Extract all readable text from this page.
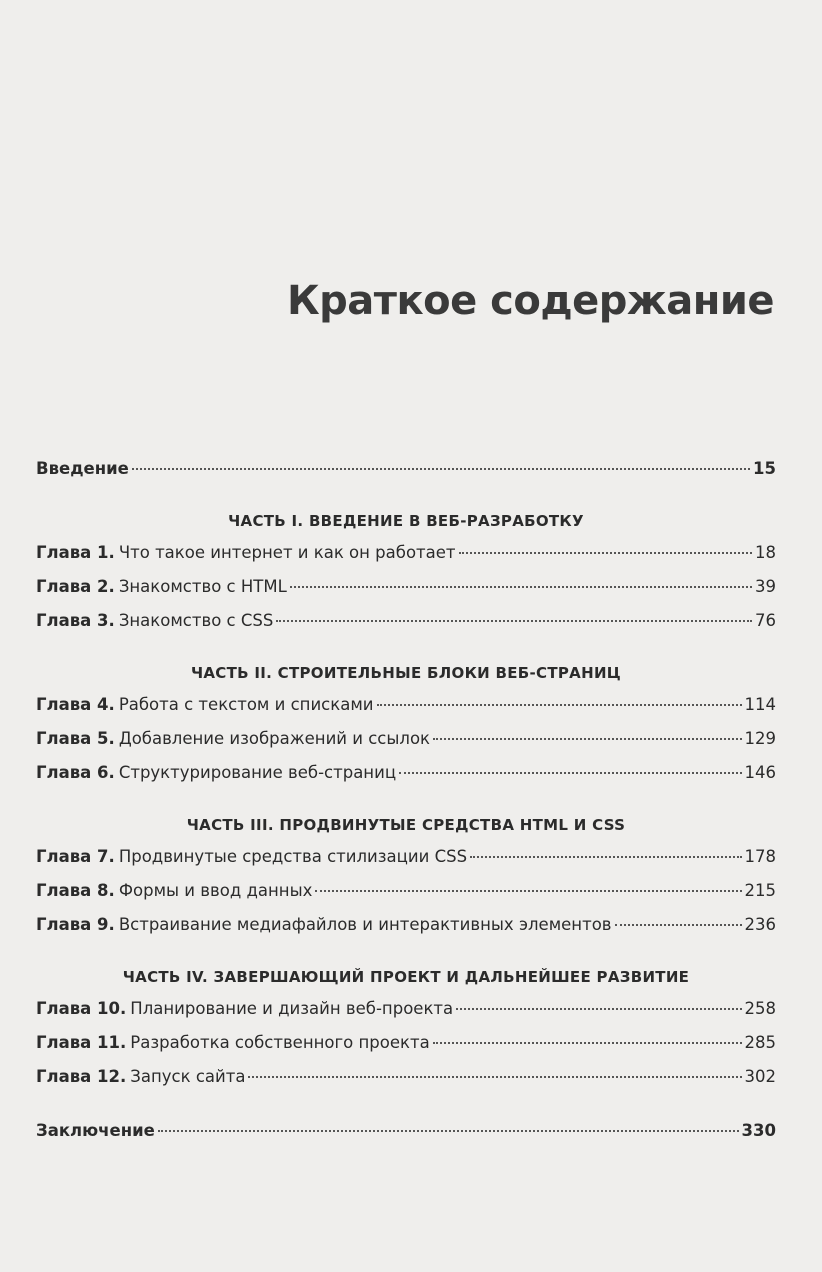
Краткое содержание
Введение	15
ЧАСТЬ I. ВВЕДЕНИЕ В ВЕБ-РАЗРАБОТКУ
Глава 1. Что такое интернет и как он работает	18
Глава 2. Знакомство с HTML	39
Глава 3. Знакомство с CSS	76
ЧАСТЬ II. СТРОИТЕЛЬНЫЕ БЛОКИ ВЕБ-СТРАНИЦ
Глава 4. Работа с текстом и списками	114
Глава 5. Добавление изображений и ссылок	129
Глава 6. Структурирование веб-страниц	146
ЧАСТЬ III. ПРОДВИНУТЫЕ СРЕДСТВА HTML И CSS
Глава 7. Продвинутые средства стилизации CSS	178
Глава 8. Формы и ввод данных	215
Глава 9. Встраивание медиафайлов и интерактивных элементов	236
ЧАСТЬ IV. ЗАВЕРШАЮЩИЙ ПРОЕКТ И ДАЛЬНЕЙШЕЕ РАЗВИТИЕ
Глава 10. Планирование и дизайн веб-проекта	258
Глава 11. Разработка собственного проекта	285
Глава 12. Запуск сайта	302
Заключение	330
